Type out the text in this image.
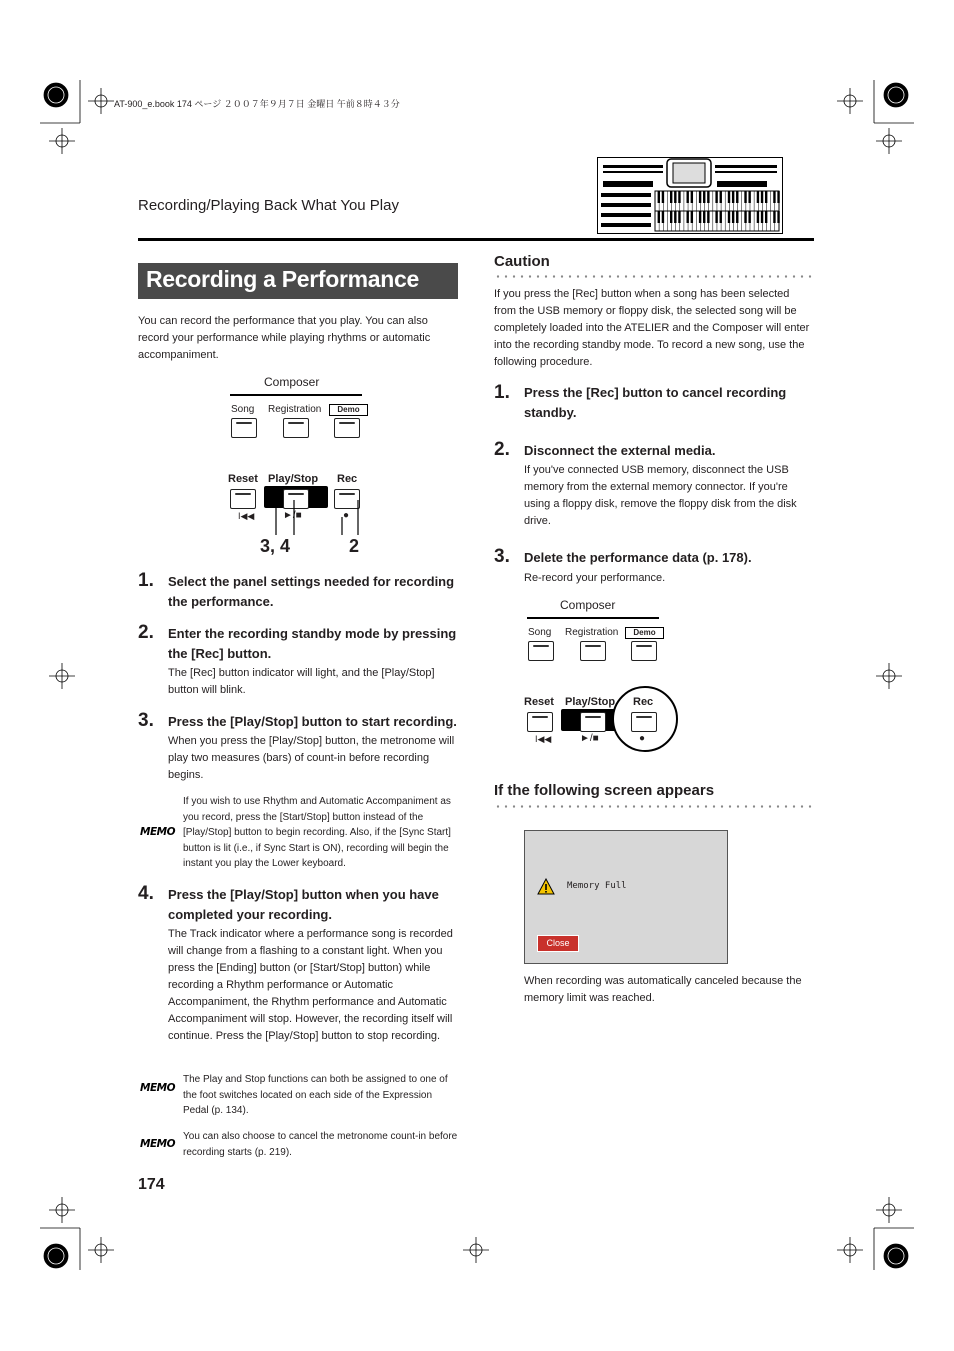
AT-900_e.book 174 ページ ２００７年９月７日 金曜日 午前８時４３分
Recording/Playing Back What You Play
Recording a Performance
You can record the performance that you play. You can also record your performance while playing rhythms or automatic accompaniment.
Composer
Song Registration	Demo
Reset Play/Stop Rec
I◀◀	►/■	●
3, 4	2
1. Select the panel settings needed for recording the performance.
2. Enter the recording standby mode by pressing the [Rec] button.
The [Rec] button indicator will light, and the [Play/Stop] button will blink.
3. Press the [Play/Stop] button to start recording.
When you press the [Play/Stop] button, the metronome will play two measures (bars) of count-in before recording begins.
MEMO
If you wish to use Rhythm and Automatic Accompaniment as you record, press the [Start/Stop] button instead of the [Play/Stop] button to begin recording. Also, if the [Sync Start] button is lit (i.e., if Sync Start is ON), recording will begin the instant you play the Lower keyboard.
4. Press the [Play/Stop] button when you have completed your recording.
The Track indicator where a performance song is recorded will change from a flashing to a constant light. When you press the [Ending] button (or [Start/Stop] button) while recording a Rhythm performance or Automatic Accompaniment, the Rhythm performance and Automatic Accompaniment will stop. However, the recording itself will continue. Press the [Play/Stop] button to stop recording.
MEMO
The Play and Stop functions can both be assigned to one of the foot switches located on each side of the Expression Pedal (p. 134).
MEMO
You can also choose to cancel the metronome count-in before recording starts (p. 219).
174
Caution
If you press the [Rec] button when a song has been selected from the USB memory or floppy disk, the selected song will be completely loaded into the ATELIER and the Composer will enter into the recording standby mode. To record a new song, use the following procedure.
1. Press the [Rec] button to cancel recording standby.
2. Disconnect the external media.
If you've connected USB memory, disconnect the USB memory from the external memory connector. If you're using a floppy disk, remove the floppy disk from the disk drive.
3. Delete the performance data (p. 178).
Re-record your performance.
Composer
Song Registration	Demo
Reset Play/Stop Rec
I◀◀	►/■	●
If the following screen appears
Memory Full
Close
When recording was automatically canceled because the memory limit was reached.
